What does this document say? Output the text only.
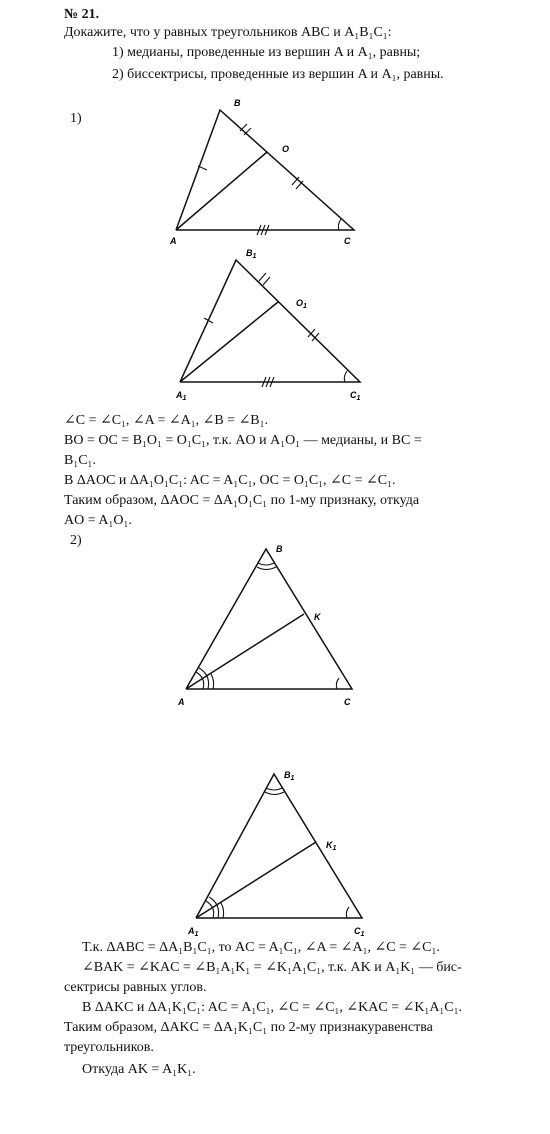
№ 21.
Докажите, что у равных треугольников ABC и A₁B₁C₁:
1) медианы, проведенные из вершин A и A₁, равны;
2) биссектрисы, проведенные из вершин A и A₁, равны.
1)
A
B
C
O
$A_1$
$B_1$
$C_1$
$O_1$
A
B
C
K
$A_1$
$B_1$
$C_1$
$K_1$
∠C = ∠C₁, ∠A = ∠A₁, ∠B = ∠B₁.
BO = OC = B₁O₁ = O₁C₁, т.к. AO и A₁O₁ — медианы, и BC =
B₁C₁.
В ΔAOC и ΔA₁O₁C₁: AC = A₁C₁, OC = O₁C₁, ∠C = ∠C₁.
Таким образом, ΔAOC = ΔA₁O₁C₁ по 1-му признаку, откуда
AO = A₁O₁.
2)
Т.к. ΔABC = ΔA₁B₁C₁, то AC = A₁C₁, ∠A = ∠A₁, ∠C = ∠C₁.
∠BAK = ∠KAC = ∠B₁A₁K₁ = ∠K₁A₁C₁, т.к. AK и A₁K₁ — бис-
сектрисы равных углов.
В ΔAKC и ΔA₁K₁C₁: AC = A₁C₁, ∠C = ∠C₁, ∠KAC = ∠K₁A₁C₁.
Таким образом, ΔAKC = ΔA₁K₁C₁ по 2-му признакуравенства
треугольников.
Откуда AK = A₁K₁.
